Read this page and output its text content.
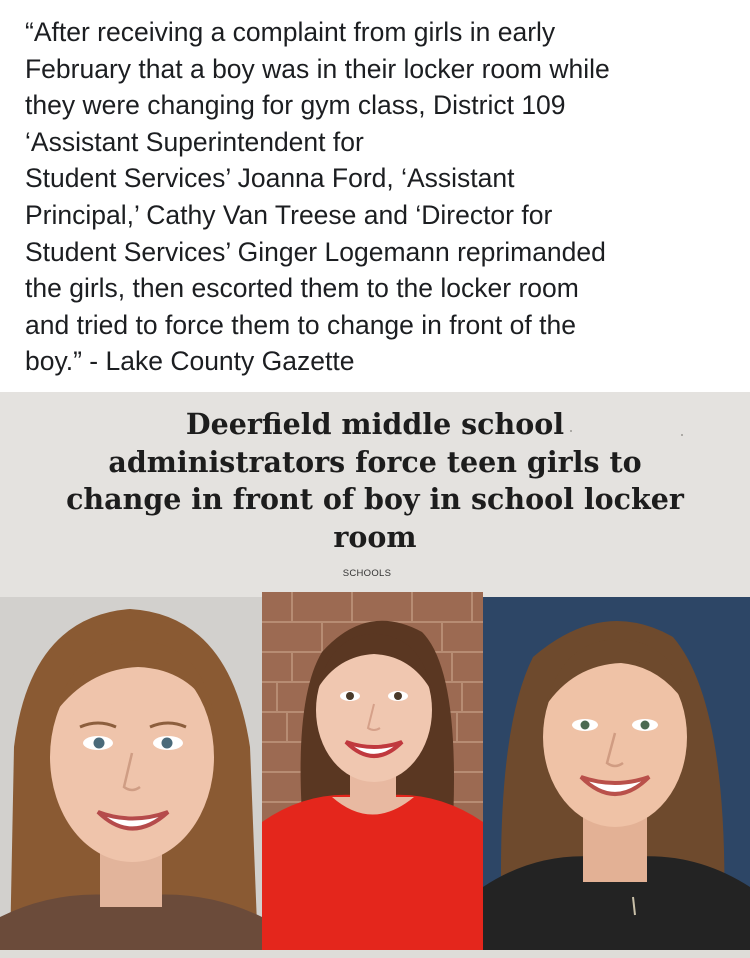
“After receiving a complaint from girls in early
February that a boy was in their locker room while
they were changing for gym class, District 109
‘Assistant Superintendent for
Student Services’ Joanna Ford, ‘Assistant
Principal,’ Cathy Van Treese and ‘Director for
Student Services’ Ginger Logemann reprimanded
the girls, then escorted them to the locker room
and tried to force them to change in front of the
boy.” - Lake County Gazette

Deerfield middle school
administrators force teen girls to
change in front of boy in school locker
room
SCHOOLS
